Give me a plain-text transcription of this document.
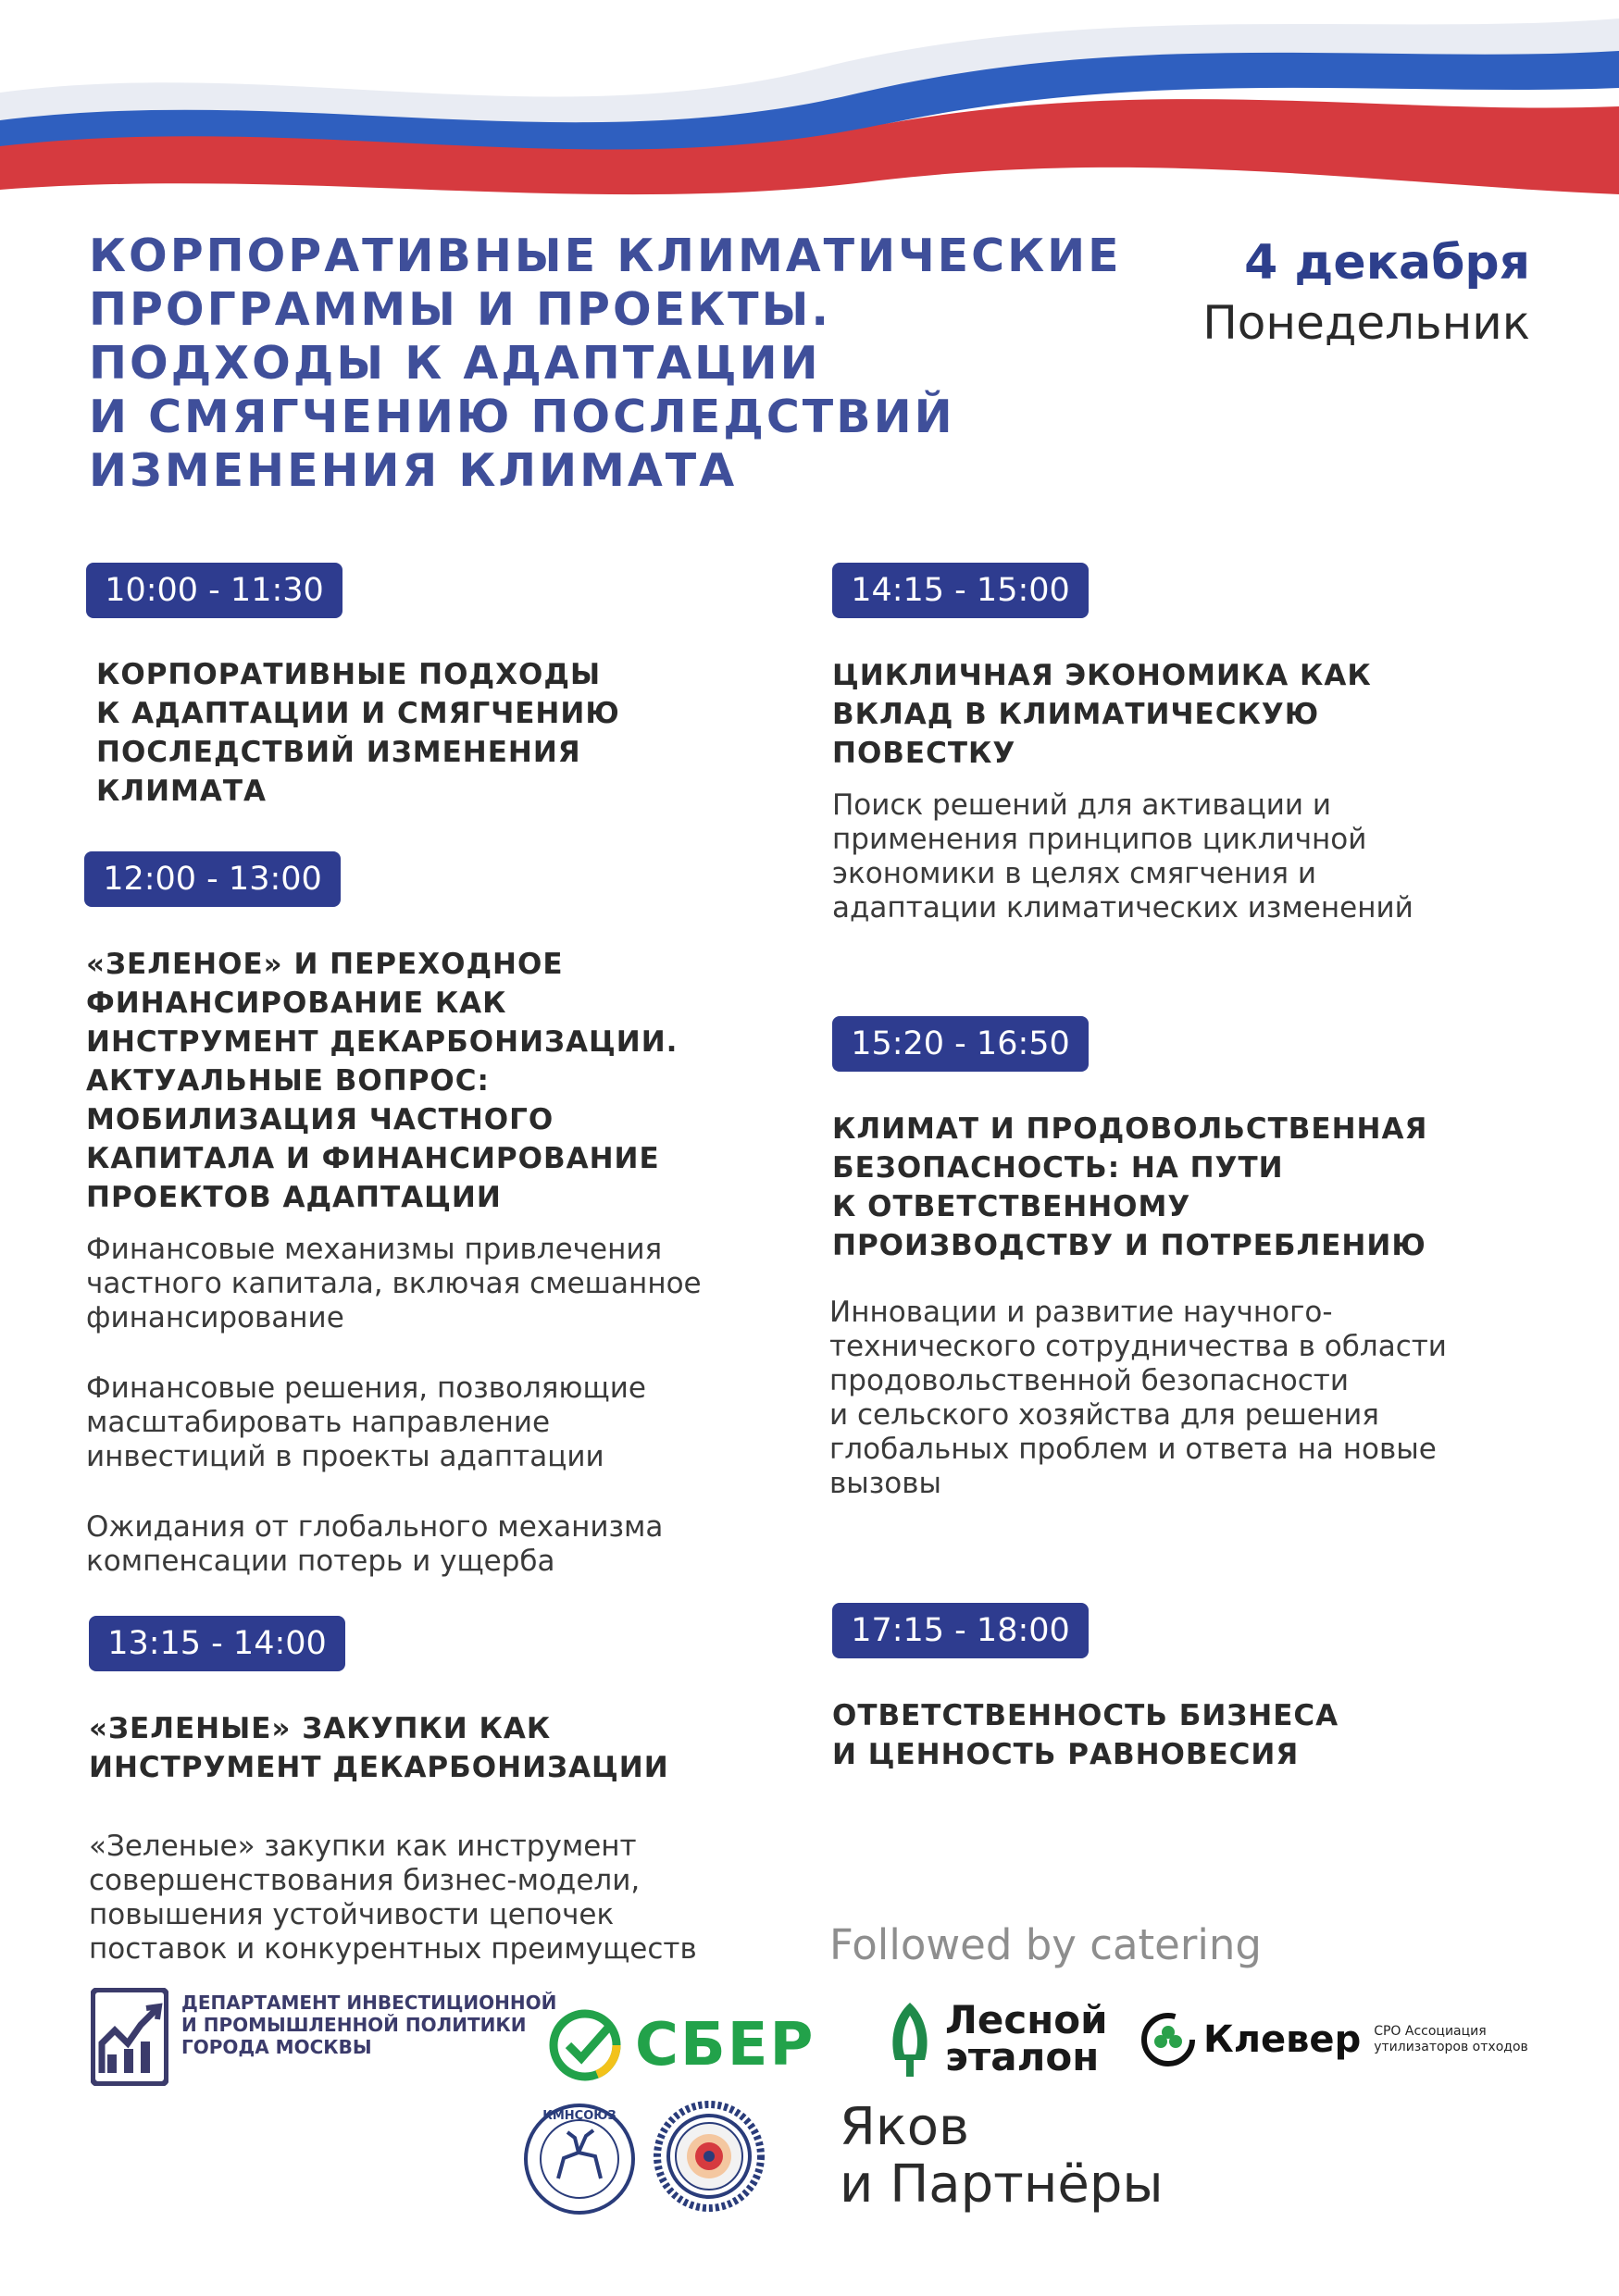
КОРПОРАТИВНЫЕ КЛИМАТИЧЕСКИЕ
ПРОГРАММЫ И ПРОЕКТЫ.
ПОДХОДЫ К АДАПТАЦИИ
И СМЯГЧЕНИЮ ПОСЛЕДСТВИЙ
ИЗМЕНЕНИЯ КЛИМАТА
4 декабря
Понедельник
10:00 - 11:30
КОРПОРАТИВНЫЕ ПОДХОДЫ
К АДАПТАЦИИ И СМЯГЧЕНИЮ
ПОСЛЕДСТВИЙ ИЗМЕНЕНИЯ
КЛИМАТА
12:00 - 13:00
«ЗЕЛЕНОЕ» И ПЕРЕХОДНОЕ
ФИНАНСИРОВАНИЕ КАК
ИНСТРУМЕНТ ДЕКАРБОНИЗАЦИИ.
АКТУАЛЬНЫЕ ВОПРОС:
МОБИЛИЗАЦИЯ ЧАСТНОГО
КАПИТАЛА И ФИНАНСИРОВАНИЕ
ПРОЕКТОВ АДАПТАЦИИ

Финансовые механизмы привлечения
частного капитала, включая смешанное
финансирование

Финансовые решения, позволяющие
масштабировать направление
инвестиций в проекты адаптации

Ожидания от глобального механизма
компенсации потерь и ущерба

13:15 - 14:00
«ЗЕЛЕНЫЕ» ЗАКУПКИ КАК
ИНСТРУМЕНТ ДЕКАРБОНИЗАЦИИ

«Зеленые» закупки как инструмент
совершенствования бизнес-модели,
повышения устойчивости цепочек
поставок и конкурентных преимуществ

14:15 - 15:00
ЦИКЛИЧНАЯ ЭКОНОМИКА КАК
ВКЛАД В КЛИМАТИЧЕСКУЮ
ПОВЕСТКУ

Поиск решений для активации и
применения принципов цикличной
экономики в целях смягчения и
адаптации климатических изменений

15:20 - 16:50
КЛИМАТ И ПРОДОВОЛЬСТВЕННАЯ
БЕЗОПАСНОСТЬ: НА ПУТИ
К ОТВЕТСТВЕННОМУ
ПРОИЗВОДСТВУ И ПОТРЕБЛЕНИЮ

Инновации и развитие научного-
технического сотрудничества в области
продовольственной безопасности
и сельского хозяйства для решения
глобальных проблем и ответа на новые
вызовы

17:15 - 18:00
ОТВЕТСТВЕННОСТЬ БИЗНЕСА
И ЦЕННОСТЬ РАВНОВЕСИЯ
Followed by catering
ДЕПАРТАМЕНТ ИНВЕСТИЦИОННОЙ
И ПРОМЫШЛЕННОЙ ПОЛИТИКИ
ГОРОДА МОСКВЫ	СБЕР	Лесной
эталон	Клевер СРО Ассоциация
утилизаторов отходов
КМНСОЮЗ	Яков
и Партнёры
